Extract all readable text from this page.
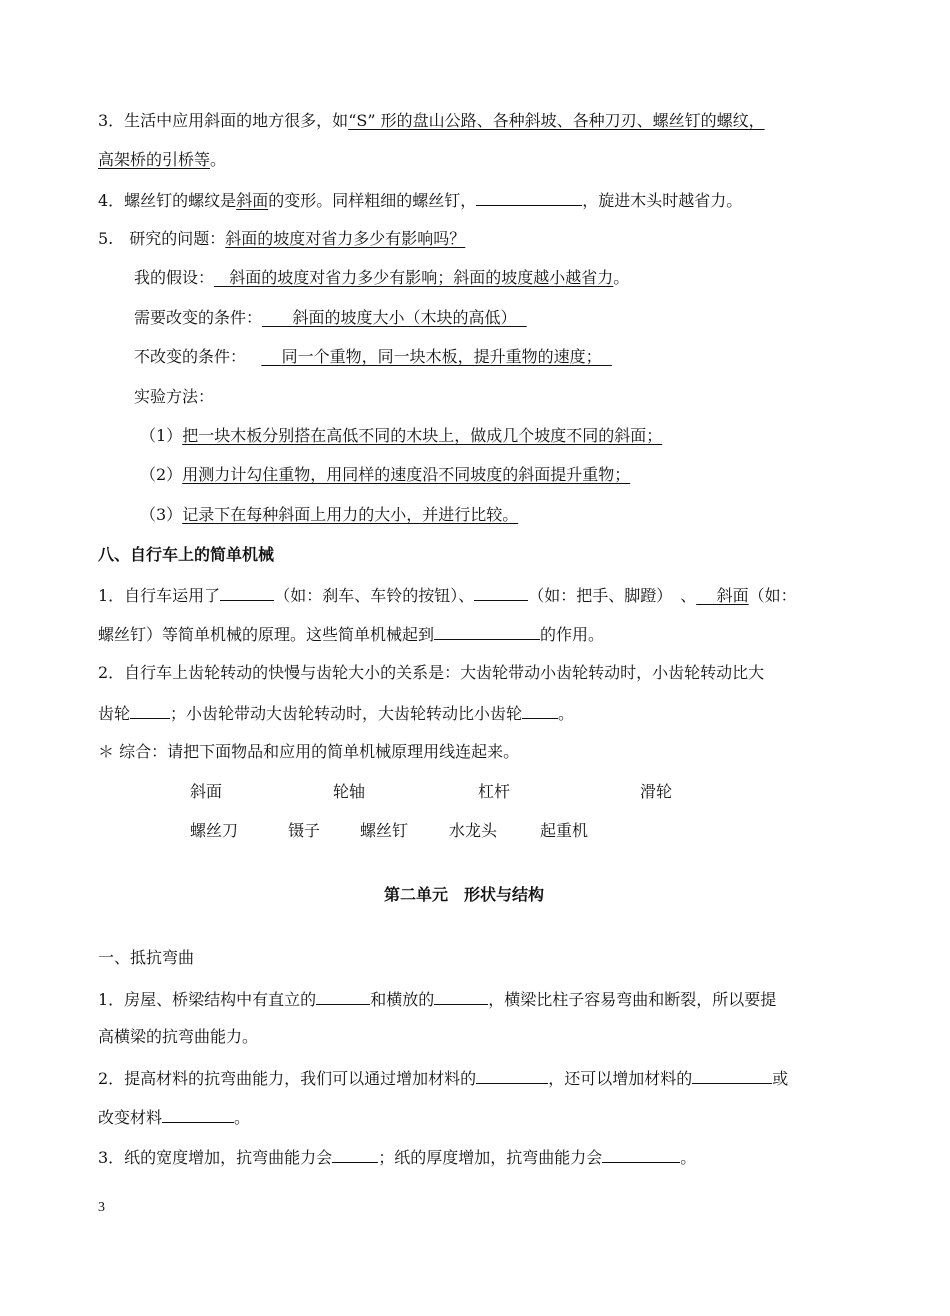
3．生活中应用斜面的地方很多，如“S” 形的盘山公路、各种斜坡、各种刀刃、螺丝钉的螺纹，
高架桥的引桥等。
4．螺丝钉的螺纹是斜面的变形。同样粗细的螺丝钉，	，旋进木头时越省力。
5.　研究的问题：斜面的坡度对省力多少有影响吗？
我的假设： 斜面的坡度对省力多少有影响；斜面的坡度越小越省力。
需要改变的条件： 斜面的坡度大小（木块的高低）
不改变的条件： 同一个重物，同一块木板，提升重物的速度；
实验方法：
（1）把一块木板分别搭在高低不同的木块上，做成几个坡度不同的斜面；
（2）用测力计勾住重物，用同样的速度沿不同坡度的斜面提升重物；
（3）记录下在每种斜面上用力的大小，并进行比较。
八、自行车上的简单机械
1．自行车运用了	（如：刹车、车铃的按钮）、	（如：把手、脚蹬）　、 斜面（如：
螺丝钉）等简单机械的原理。这些简单机械起到	的作用。
2．自行车上齿轮转动的快慢与齿轮大小的关系是：大齿轮带动小齿轮转动时，小齿轮转动比大
齿轮	；小齿轮带动大齿轮转动时，大齿轮转动比小齿轮 。
＊ 综合：请把下面物品和应用的简单机械原理用线连起来。
斜面	轮轴	杠杆	滑轮
螺丝刀	镊子 螺丝钉	水龙头	起重机
第二单元　形状与结构
一、抵抗弯曲
1．房屋、桥梁结构中有直立的	和横放的	，横梁比柱子容易弯曲和断裂，所以要提
高横梁的抗弯曲能力。
2．提高材料的抗弯曲能力，我们可以通过增加材料的	，还可以增加材料的	或
改变材料	。
3．纸的宽度增加，抗弯曲能力会	；纸的厚度增加，抗弯曲能力会	。
3
